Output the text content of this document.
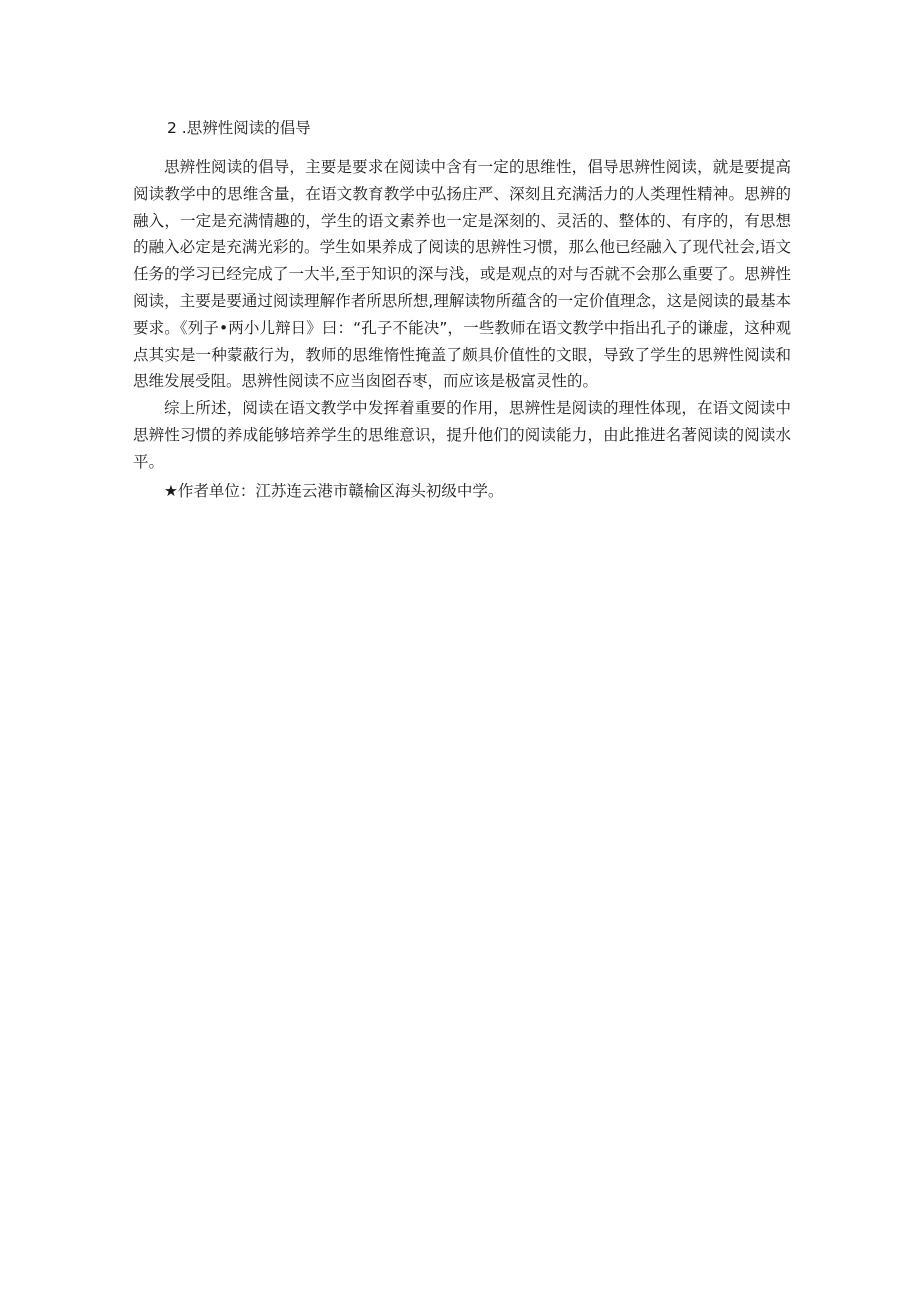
2 .思辨性阅读的倡导

思辨性阅读的倡导，主要是要求在阅读中含有一定的思维性，倡导思辨性阅读，就是要提高阅读教学中的思维含量，在语文教育教学中弘扬庄严、深刻且充满活力的人类理性精神。思辨的融入，一定是充满情趣的，学生的语文素养也一定是深刻的、灵活的、整体的、有序的，有思想的融入必定是充满光彩的。学生如果养成了阅读的思辨性习惯，那么他已经融入了现代社会,语文任务的学习已经完成了一大半,至于知识的深与浅，或是观点的对与否就不会那么重要了。思辨性阅读，主要是要通过阅读理解作者所思所想,理解读物所蕴含的一定价值理念，这是阅读的最基本要求。《列子•两小儿辩日》曰：“孔子不能决”，一些教师在语文教学中指出孔子的谦虚，这种观点其实是一种蒙蔽行为，教师的思维惰性掩盖了颇具价值性的文眼，导致了学生的思辨性阅读和思维发展受阻。思辨性阅读不应当囱囵吞枣，而应该是极富灵性的。

综上所述，阅读在语文教学中发挥着重要的作用，思辨性是阅读的理性体现，在语文阅读中思辨性习惯的养成能够培养学生的思维意识，提升他们的阅读能力，由此推进名著阅读的阅读水平。

★作者单位：江苏连云港市赣榆区海头初级中学。
